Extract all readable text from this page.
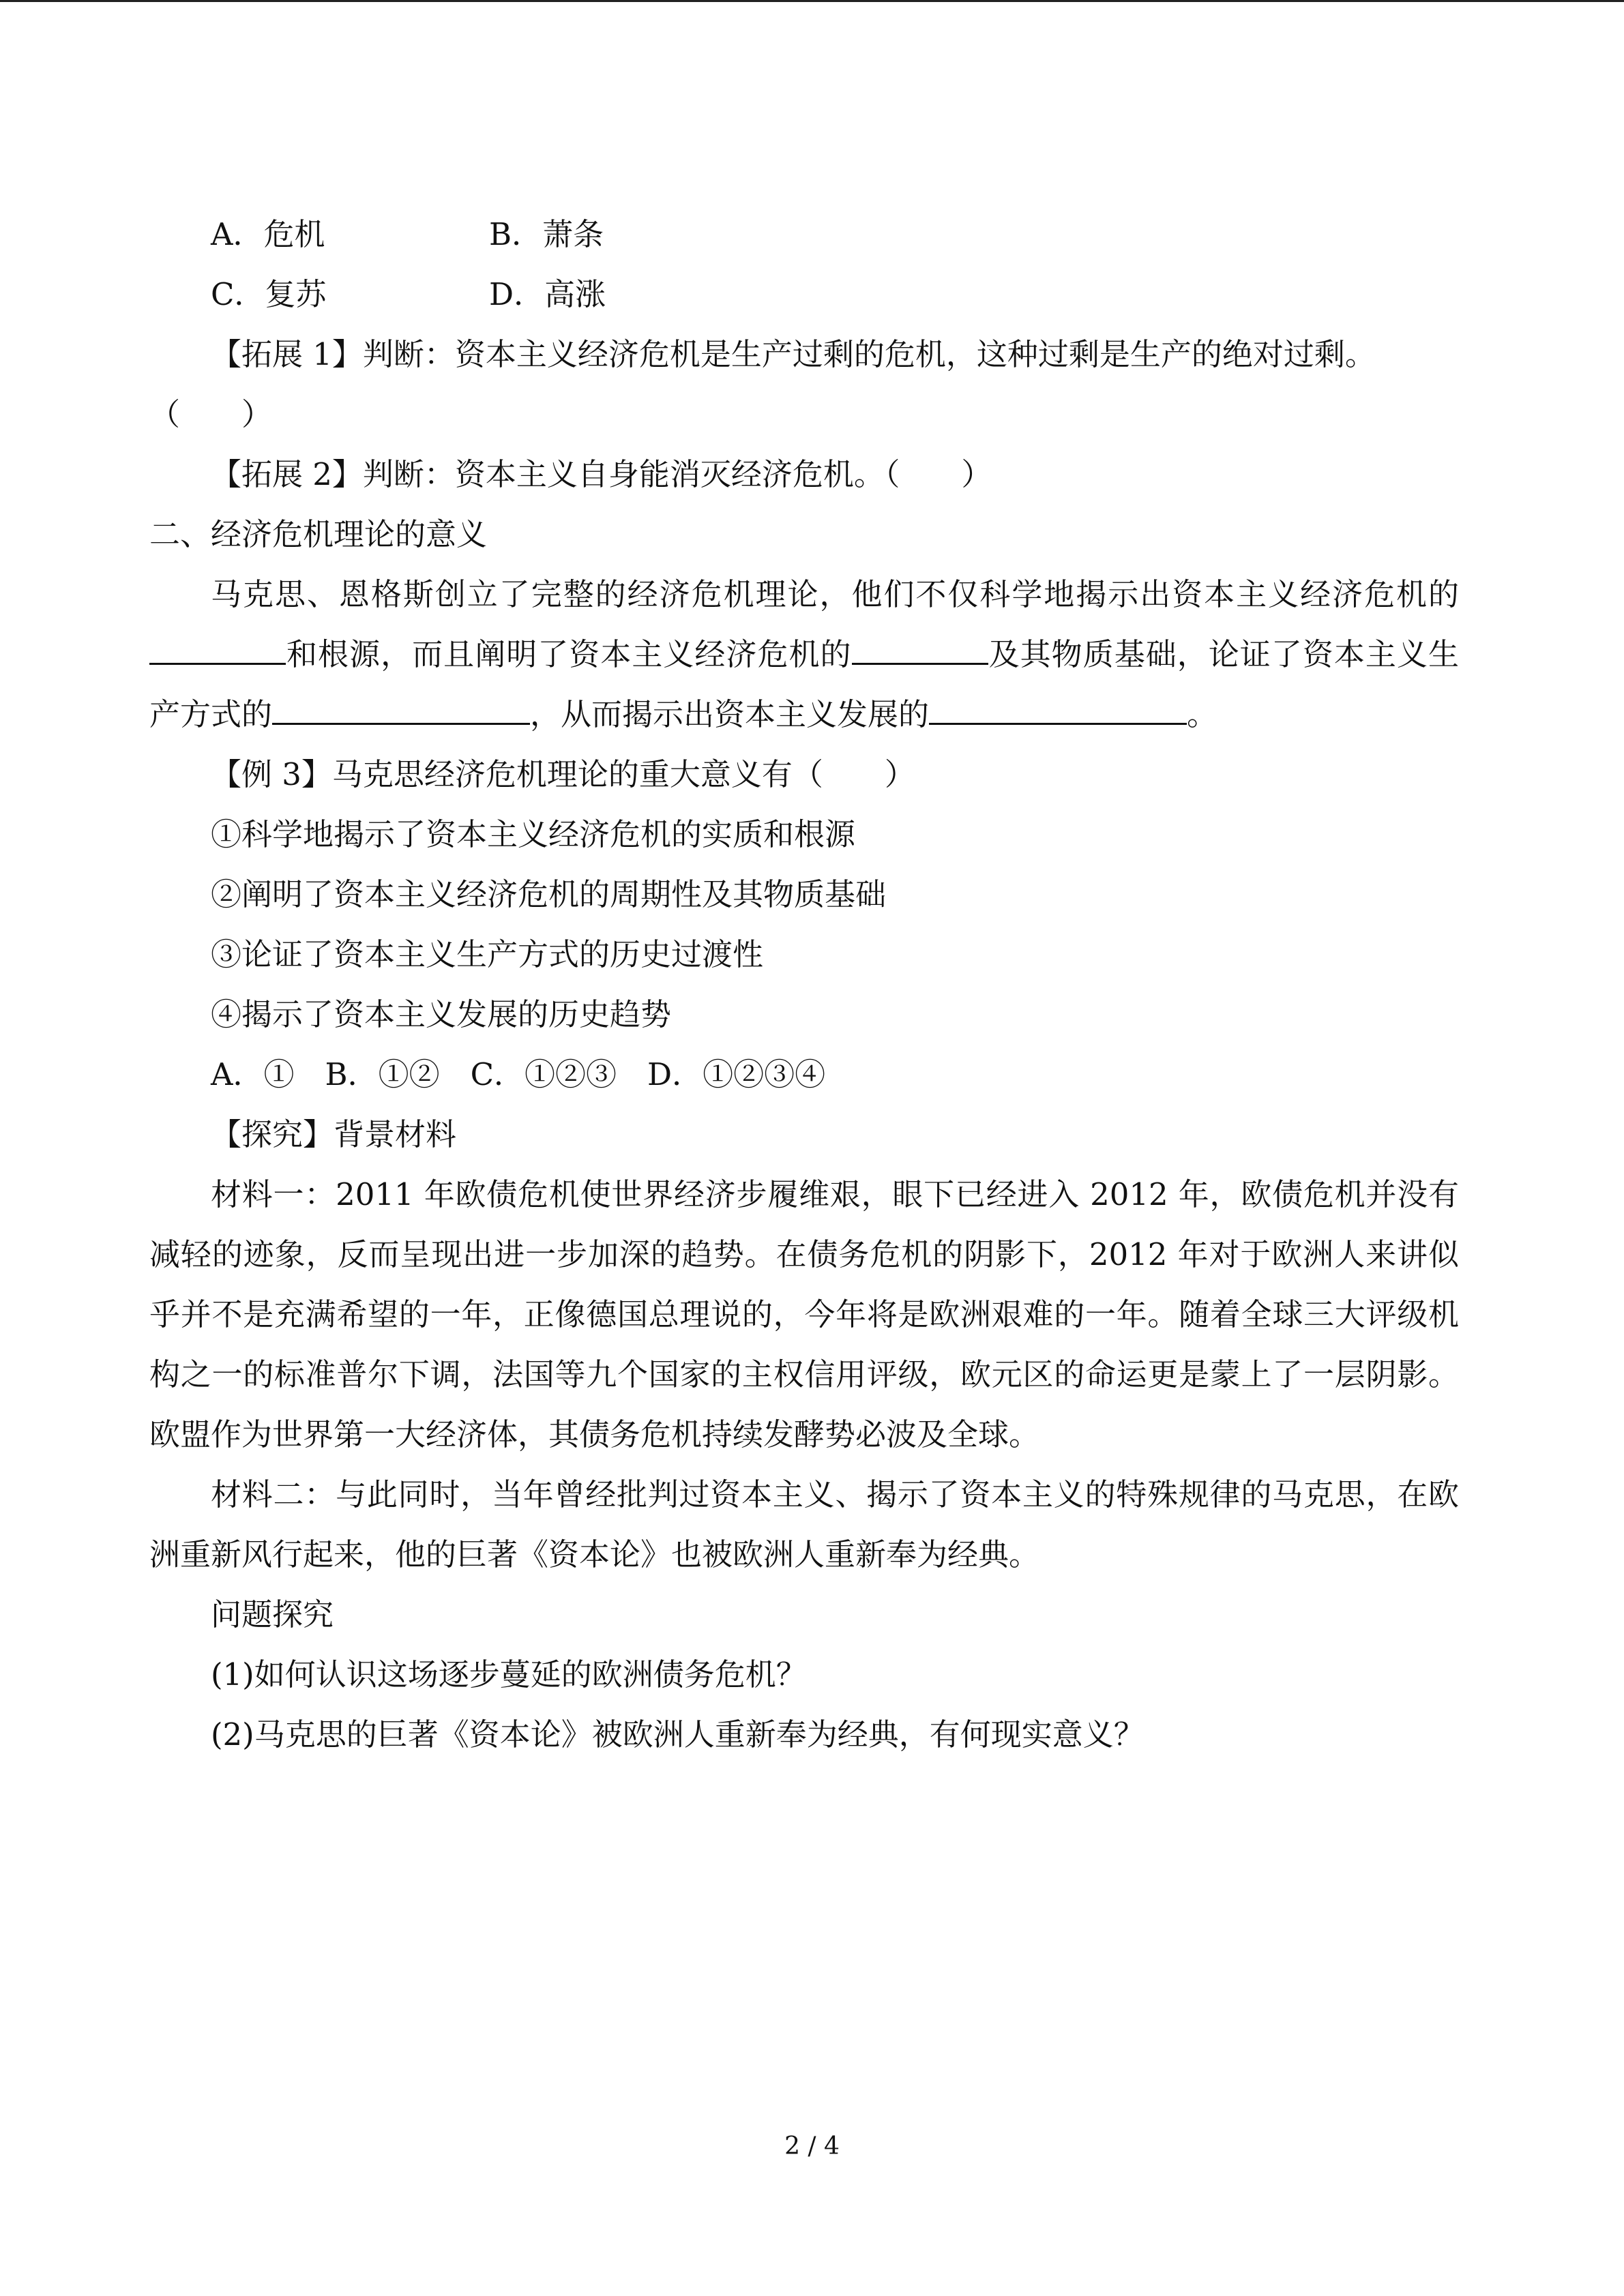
A．危机	B．萧条
C．复苏	D．高涨
【拓展 1】判断：资本主义经济危机是生产过剩的危机，这种过剩是生产的绝对过剩。
（　　）
【拓展 2】判断：资本主义自身能消灭经济危机。（　　）
二、经济危机理论的意义
马克思、恩格斯创立了完整的经济危机理论，他们不仅科学地揭示出资本主义经济危机的和根源，而且阐明了资本主义经济危机的	及其物质基础，论证了资本主义生产方式的	，从而揭示出资本主义发展的	。
【例 3】马克思经济危机理论的重大意义有（　　）
①科学地揭示了资本主义经济危机的实质和根源
②阐明了资本主义经济危机的周期性及其物质基础
③论证了资本主义生产方式的历史过渡性
④揭示了资本主义发展的历史趋势
A．①　B．①②　C．①②③　D．①②③④
【探究】背景材料
材料一：2011 年欧债危机使世界经济步履维艰，眼下已经进入 2012 年，欧债危机并没有减轻的迹象，反而呈现出进一步加深的趋势。在债务危机的阴影下，2012 年对于欧洲人来讲似乎并不是充满希望的一年，正像德国总理说的，今年将是欧洲艰难的一年。随着全球三大评级机构之一的标准普尔下调，法国等九个国家的主权信用评级，欧元区的命运更是蒙上了一层阴影。欧盟作为世界第一大经济体，其债务危机持续发酵势必波及全球。
材料二：与此同时，当年曾经批判过资本主义、揭示了资本主义的特殊规律的马克思，在欧洲重新风行起来，他的巨著《资本论》也被欧洲人重新奉为经典。
问题探究
(1)如何认识这场逐步蔓延的欧洲债务危机？
(2)马克思的巨著《资本论》被欧洲人重新奉为经典，有何现实意义？
2 / 4
